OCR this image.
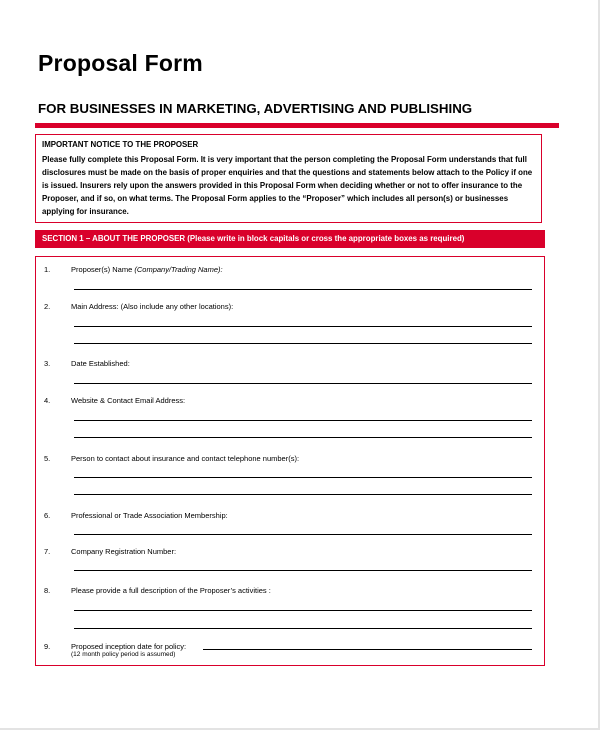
Proposal Form
FOR BUSINESSES IN MARKETING, ADVERTISING AND PUBLISHING
IMPORTANT NOTICE TO THE PROPOSER
Please fully complete this Proposal Form. It is very important that the person completing the Proposal Form understands that full disclosures must be made on the basis of proper enquiries and that the questions and statements below attach to the Policy if one is issued. Insurers rely upon the answers provided in this Proposal Form when deciding whether or not to offer insurance to the Proposer, and if so, on what terms. The Proposal Form applies to the “Proposer” which includes all person(s) or businesses applying for insurance.
SECTION 1 – ABOUT THE PROPOSER (Please write in block capitals or cross the appropriate boxes as required)
1.	Proposer(s) Name (Company/Trading Name):
2.	Main Address: (Also include any other locations):
3.	Date Established:
4.	Website & Contact Email Address:
5.	Person to contact about insurance and contact telephone number(s):
6.	Professional or Trade Association Membership:
7.	Company Registration Number:
8.	Please provide a full description of the Proposer’s activities :
9.	Proposed inception date for policy:
(12 month policy period is assumed)
